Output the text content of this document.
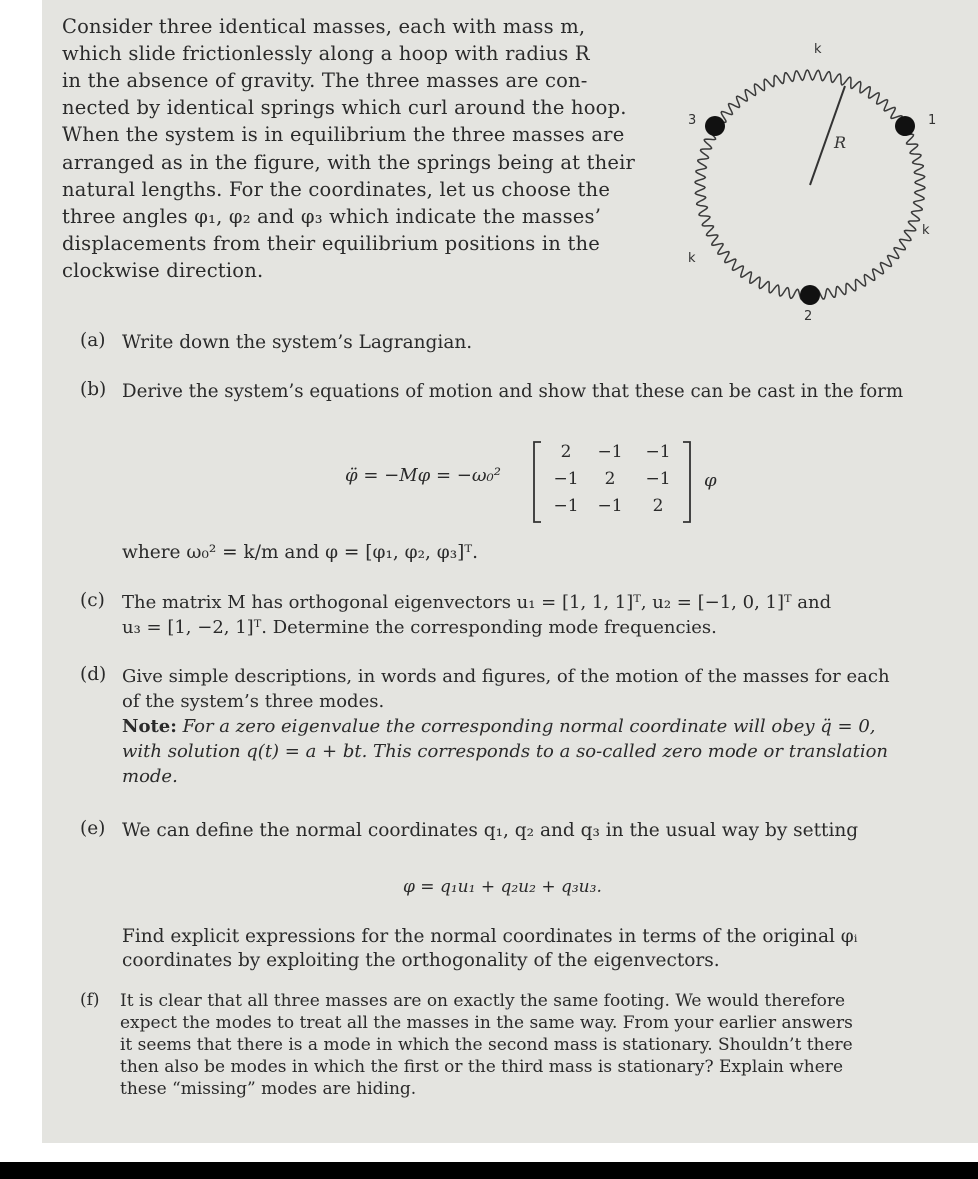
Consider three identical masses, each with mass m,
which slide frictionlessly along a hoop with radius R
in the absence of gravity. The three masses are con-
nected by identical springs which curl around the hoop.
When the system is in equilibrium the three masses are
arranged as in the figure, with the springs being at their
natural lengths. For the coordinates, let us choose the
three angles φ₁, φ₂ and φ₃ which indicate the masses’
displacements from their equilibrium positions in the
clockwise direction.
R
1
2
3
k
k
k
(a) Write down the system’s Lagrangian.
(b) Derive the system’s equations of motion and show that these can be cast in the form
φ̈ = −Mφ = −ω₀²
2	−1	−1
−1	2	−1
−1	−1	2
φ
where ω₀² = k/m and φ = [φ₁, φ₂, φ₃]ᵀ.
(c) The matrix M has orthogonal eigenvectors u₁ = [1, 1, 1]ᵀ, u₂ = [−1, 0, 1]ᵀ and
u₃ = [1, −2, 1]ᵀ. Determine the corresponding mode frequencies.
(d) Give simple descriptions, in words and figures, of the motion of the masses for each
of the system’s three modes.
Note: For a zero eigenvalue the corresponding normal coordinate will obey q̈ = 0,
with solution q(t) = a + bt. This corresponds to a so-called zero mode or translation
mode.
(e) We can define the normal coordinates q₁, q₂ and q₃ in the usual way by setting
φ = q₁u₁ + q₂u₂ + q₃u₃.
Find explicit expressions for the normal coordinates in terms of the original φᵢ
coordinates by exploiting the orthogonality of the eigenvectors.
(f) It is clear that all three masses are on exactly the same footing. We would therefore
expect the modes to treat all the masses in the same way. From your earlier answers
it seems that there is a mode in which the second mass is stationary. Shouldn’t there
then also be modes in which the first or the third mass is stationary? Explain where
these “missing” modes are hiding.
